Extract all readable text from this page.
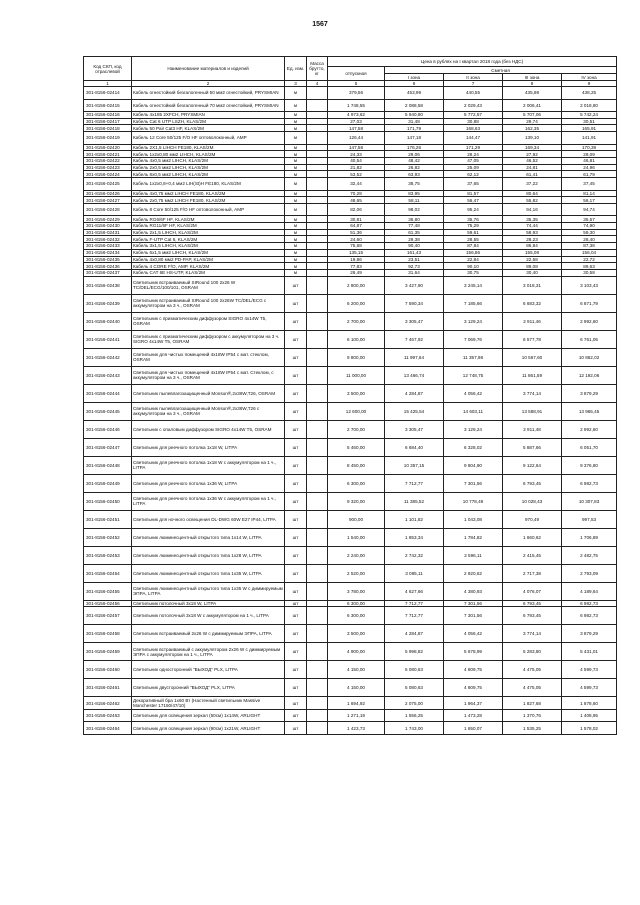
1567
Код СКП, код отраслевой	Наименование материалов и изделий	Ед. изм.	Масса брутто, кг	Цена в рублях на I квартал 2018 года (без НДС)				
				отпускная	Сметная			
					I зона	II зона	III зона	IV зона
1	2	3	4	5	6	7	8	9
301-8156-02414	Кабель огнестойкий безгалогенный 50 мм2 огнестойкий, PRYSMIAN	м		379,56	453,99	440,55	435,98	438,25
301-8156-02415	Кабель огнестойкий безгалогенный 70 мм2 огнестойкий, PRYSMIAN	м		1 748,55	2 088,58	2 029,43	2 006,41	2 018,80
301-8156-02416	Кабель 4х185 2XFCH, PRYSMIAN	м		4 973,62	5 940,80	5 772,57	5 707,06	5 742,24
301-8156-02417	Кабель Cat 6 UTP LSZH, KLAS/2M	м		27,03	31,48	30,88	29,74	30,51
301-8156-02418	Кабель 50 Pair Cat3 HF, KLAS/2M	м		147,58	171,79	168,63	162,35	165,91
301-8156-02419	Кабель 12 Core 50/125 F/O HF оптоволоконный, AMP	м		126,44	147,18	144,47	139,10	141,91
301-8156-02420	Кабель 2Х1,5 LIHCH FE180, KLAS/2M	м		147,58	176,26	171,29	169,34	170,39
301-8156-02421	Кабель 1х2х0,80 мм2 LIHCH, KLAS/2M	м		24,33	29,06	28,24	27,92	28,09
301-8156-02422	Кабель 4х0,5 мм2 LIHCH, KLAS/2M	м		40,54	48,42	47,05	46,52	46,81
301-8156-02423	Кабель 2х0,5 мм2 LIHCH, KLAS/2M	м		21,82	26,82	25,09	24,81	24,96
301-8156-02424	Кабель 8х0,5 мм2 LIHCH, KLAS/2M	м		53,52	63,93	62,12	61,41	61,79
301-8156-02425	Кабель 1х2х0,8+0,4 мм2 LIH(St)H FE180, KLAS/2M	м		32,44	38,75	37,65	37,22	37,45
301-8156-02426	Кабель 4х0,75 мм2 LIHCH FE180, KLAS/2M	м		70,28	83,95	81,57	80,64	81,14
301-8156-02427	Кабель 2х0,75 мм2 LIHCH FE180, KLAS/2M	м		48,65	58,11	56,47	55,82	56,17
301-8156-02428	Кабель 8 Core 50/125 F/O HF оптоволоконный, AMP	м		82,06	98,02	95,24	94,16	94,74
301-8156-02429	Кабель RG6/6F HF, KLAS/2M	м		30,81	36,80	35,76	35,35	35,57
301-8156-02430	Кабель RG11/6F HF, KLAS/2M	м		64,87	77,48	75,29	74,44	74,90
301-8156-02431	Кабель 2х1,5 LIHCH, KLAS/2M	м		51,36	61,35	59,61	58,93	59,30
301-8156-02432	Кабель F-UTP Cat 6, KLAS/2M	м		24,60	29,38	28,55	28,23	28,40
301-8156-02433	Кабель 3х1,5 LIHCH, KLAS/2M	м		75,68	90,40	87,84	86,84	87,38
301-8156-02434	Кабель 6х1,5 мм2 LIHCH, KLAS/2M	м		135,15	161,43	156,86	155,08	156,04
301-8156-02435	Кабель 4х0,80 мм2 PD-PAP, KLAS/2M	м		19,86	23,51	22,84	22,58	22,72
301-8156-02436	Кабель 4 CORE F/O, AMP, KLAS/2M	м		77,83	92,73	90,10	89,08	89,63
301-8156-02437	Кабель CAT 6E HS-UTP, KLAS/2M	м		26,49	31,64	30,75	30,40	30,58
301-8156-02438	Светильник встраиваемый SIRound 100 2х26 W TC/DEL/ECG/100/101, OSRAM	шт		2 800,00	3 427,90	3 245,14	3 018,31	3 103,43
301-8156-02439	Светильник встраиваемый SIRound 100 2х26W TC/DEL/ECG с аккумулятором на 3 ч., OSRAM	шт		6 200,00	7 590,34	7 185,66	6 683,32	6 871,79
301-8156-02440	Светильник с призматическим диффузором SIGRO 4х14W T5, OSRAM	шт		2 700,00	3 305,47	3 129,24	2 911,46	2 992,60
301-8156-02441	Светильник с призматическим диффузором с аккумулятором на 3 ч. SIGRO 4х14W T5, OSRAM	шт		6 100,00	7 467,92	7 069,76	6 577,78	6 761,05
301-8156-02442	Светильник для чистых помещений 4х18W IP54 с мат. стеклом, OSRAM	шт		9 800,00	11 997,64	11 357,98	10 567,60	10 862,02
301-8156-02443	Светильник для чистых помещений 4х18W IP54 с мат. Стеклом, с аккумулятором на 3 ч., OSRAM	шт		11 000,00	13 466,74	12 748,75	11 861,59	12 192,06
301-8156-02444	Светильник пылевлагозащищенный Monsun®,2х36W,T26, OSRAM	шт		3 500,00	4 284,87	4 056,42	3 774,14	3 879,29
301-8156-02445	Светильник пылевлагозащищенный Monsun®,2х36W,T26 с аккумулятором на 3 ч., OSRAM	шт		12 600,00	15 425,54	14 603,11	13 588,91	13 965,45
301-8156-02446	Светильник с опаловым диффузором SIGRO 4х14W T5, OSRAM	шт		2 700,00	3 305,47	3 129,24	2 911,48	2 992,60
301-8156-02447	Светильник для реечного потолка 1х18 W, LITPA	шт		5 460,00	6 684,40	6 328,02	5 887,66	6 051,70
301-8156-02448	Светильник для реечного потолка 1х18 W с аккумулятором на 1 ч., LITPA	шт		8 450,00	10 357,15	9 804,90	9 122,64	9 376,80
301-8156-02449	Светильник для реечного потолка 1х36 W, LITPA	шт		6 300,00	7 712,77	7 301,56	6 793,45	6 982,73
301-8156-02450	Светильник для реечного потолка 1х36 W с аккумулятором на 1 ч., LITPA	шт		9 320,00	11 385,52	10 778,49	10 028,43	10 307,83
301-8156-02451	Светильник для ночного освещения DL-DWG 60W E27 IP44, LITPA	шт		900,00	1 101,82	1 043,08	970,49	997,53
301-8156-02452	Светильник люминесцентный открытого типа 1х14 W, LITPA	шт		1 540,00	1 853,34	1 784,82	1 660,62	1 706,89
301-8156-02453	Светильник люминесцентный открытого типа 1х28 W, LITPA	шт		2 240,00	2 742,32	2 596,11	2 415,45	2 482,75
301-8156-02454	Светильник люминесцентный открытого типа 1х35 W, LITPA	шт		2 520,00	3 085,11	2 920,62	2 717,38	2 793,09
301-8156-02455	Светильник люминесцентный открытого типа 1х35 W с диммируемым ЭПРА, LITPA	шт		3 780,00	4 627,66	4 380,93	4 076,07	4 189,64
301-8156-02456	Светильник потолочный 3х18 W, LITPA	шт		6 300,00	7 712,77	7 301,56	6 793,45	6 982,73
301-8156-02457	Светильник потолочный 3х18 W с аккумулятором на 1 ч., LITPA	шт		6 300,00	7 712,77	7 301,56	6 793,45	6 982,73
301-8156-02458	Светильник встраиваемый 2х26 W с диммируемым ЭПРА, LITPA	шт		3 500,00	4 284,87	4 056,42	3 774,14	3 879,29
301-8156-02459	Светильник встраиваемый с аккумулятором 2х26 W с диммируемым ЭПРА с аккумулятором на 1 ч., LITPA	шт		4 900,00	5 998,82	5 678,99	5 283,80	5 431,01
301-8156-02460	Светильник односторонний "ВЫХОД" PLX, LITPA	шт		4 150,00	5 080,63	4 809,75	4 475,05	4 599,73
301-8156-02461	Светильник двусторонний "ВЫХОД" PLX, LITPA	шт		4 150,00	5 080,63	4 809,75	4 475,05	4 599,73
301-8156-02462	Декоративный бра 1х60 Вт (Настенный светильник Massive Manchester 17150/47/10)	шт		1 694,92	2 075,00	1 964,37	1 827,68	1 878,60
301-8156-02463	Светильник для освещения зеркал (50см) 1х14W, ARLIGHT	шт		1 271,19	1 556,25	1 473,28	1 370,76	1 408,95
301-8156-02464	Светильник для освещения зеркал (90см) 1х21W, ARLIGHT	шт		1 423,73	1 743,00	1 650,07	1 535,25	1 578,02
